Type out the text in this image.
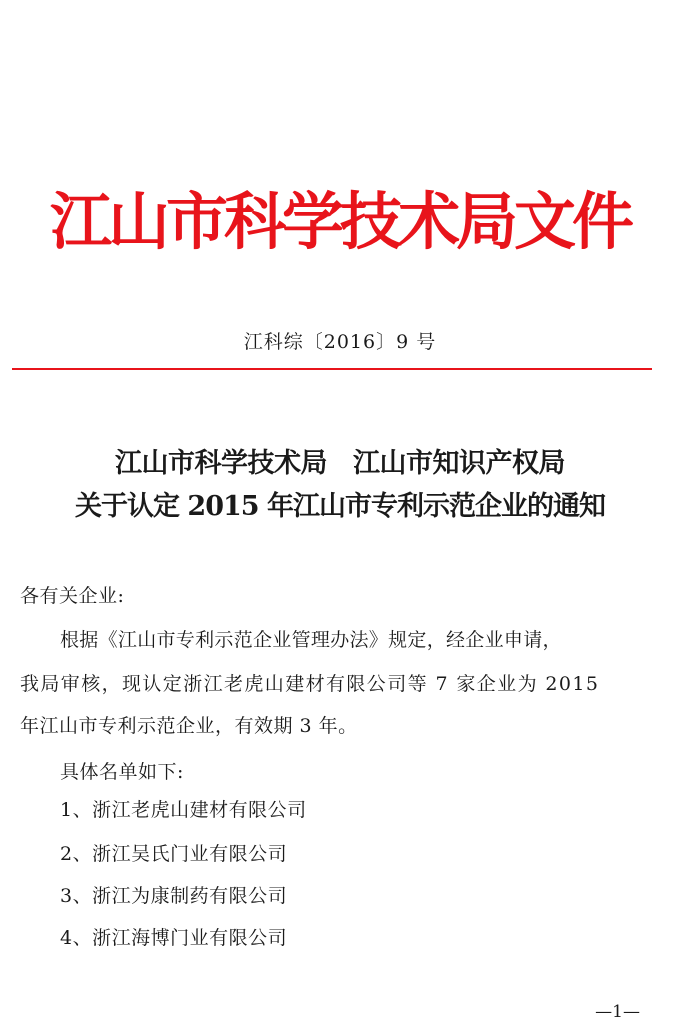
江山市科学技术局文件
江科综〔2016〕9 号
江山市科学技术局 江山市知识产权局
关于认定 2015 年江山市专利示范企业的通知
各有关企业:
根据《江山市专利示范企业管理办法》规定，经企业申请，
我局审核，现认定浙江老虎山建材有限公司等 7 家企业为 2015
年江山市专利示范企业，有效期 3 年。
具体名单如下:
1、浙江老虎山建材有限公司
2、浙江吴氏门业有限公司
3、浙江为康制药有限公司
4、浙江海博门业有限公司
—1—
